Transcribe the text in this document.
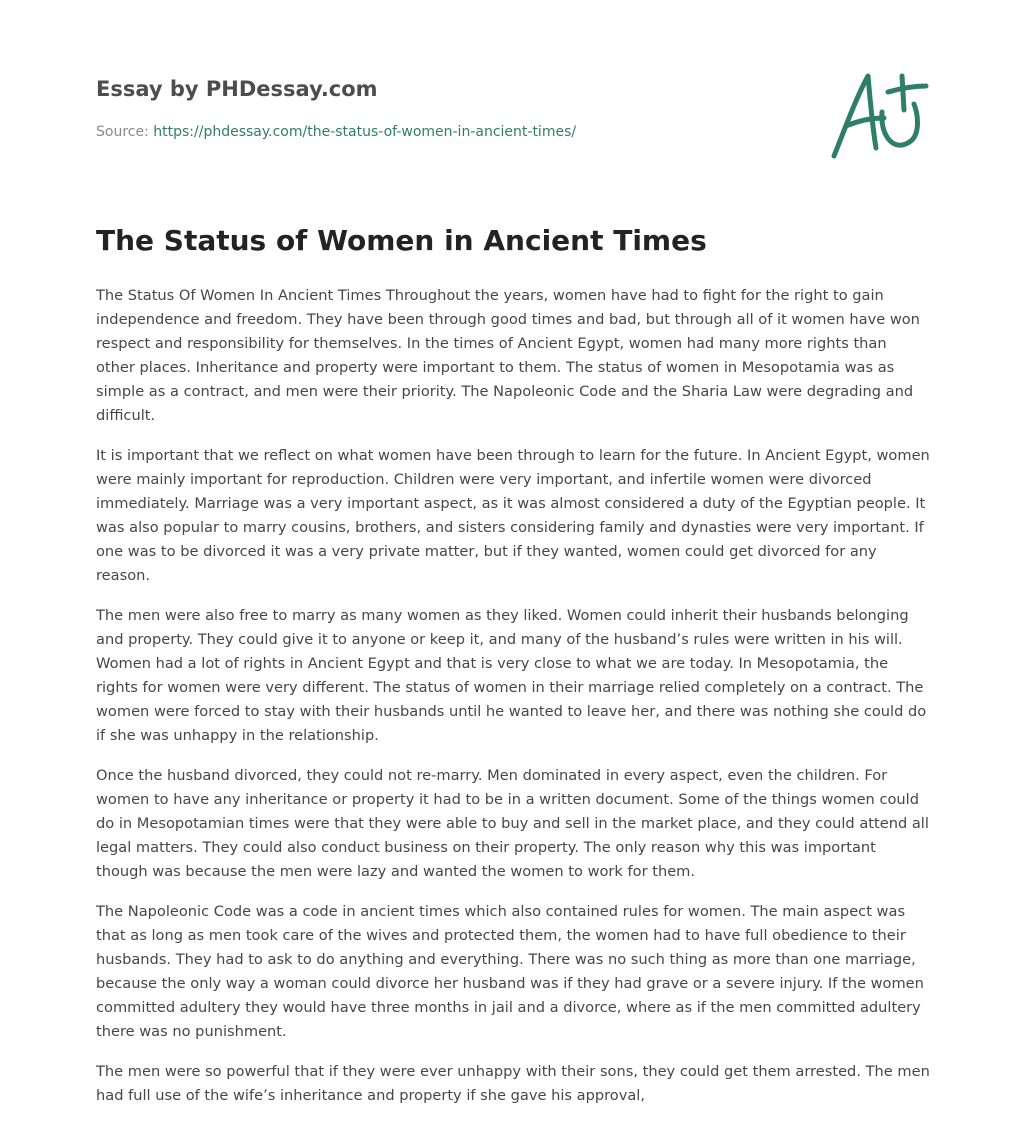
Essay by PHDessay.com
Source: https://phdessay.com/the-status-of-women-in-ancient-times/
The Status of Women in Ancient Times

The Status Of Women In Ancient Times Throughout the years, women have had to fight for the right to gain independence and freedom. They have been through good times and bad, but through all of it women have won respect and responsibility for themselves. In the times of Ancient Egypt, women had many more rights than other places. Inheritance and property were important to them. The status of women in Mesopotamia was as simple as a contract, and men were their priority. The Napoleonic Code and the Sharia Law were degrading and difficult.

It is important that we reflect on what women have been through to learn for the future. In Ancient Egypt, women were mainly important for reproduction. Children were very important, and infertile women were divorced immediately. Marriage was a very important aspect, as it was almost considered a duty of the Egyptian people. It was also popular to marry cousins, brothers, and sisters considering family and dynasties were very important. If one was to be divorced it was a very private matter, but if they wanted, women could get divorced for any reason.

The men were also free to marry as many women as they liked. Women could inherit their husbands belonging and property. They could give it to anyone or keep it, and many of the husband’s rules were written in his will. Women had a lot of rights in Ancient Egypt and that is very close to what we are today. In Mesopotamia, the rights for women were very different. The status of women in their marriage relied completely on a contract. The women were forced to stay with their husbands until he wanted to leave her, and there was nothing she could do if she was unhappy in the relationship.

Once the husband divorced, they could not re-marry. Men dominated in every aspect, even the children. For women to have any inheritance or property it had to be in a written document. Some of the things women could do in Mesopotamian times were that they were able to buy and sell in the market place, and they could attend all legal matters. They could also conduct business on their property. The only reason why this was important though was because the men were lazy and wanted the women to work for them.

The Napoleonic Code was a code in ancient times which also contained rules for women. The main aspect was that as long as men took care of the wives and protected them, the women had to have full obedience to their husbands. They had to ask to do anything and everything. There was no such thing as more than one marriage, because the only way a woman could divorce her husband was if they had grave or a severe injury. If the women committed adultery they would have three months in jail and a divorce, where as if the men committed adultery there was no punishment.

The men were so powerful that if they were ever unhappy with their sons, they could get them arrested. The men had full use of the wife’s inheritance and property if she gave his approval,
